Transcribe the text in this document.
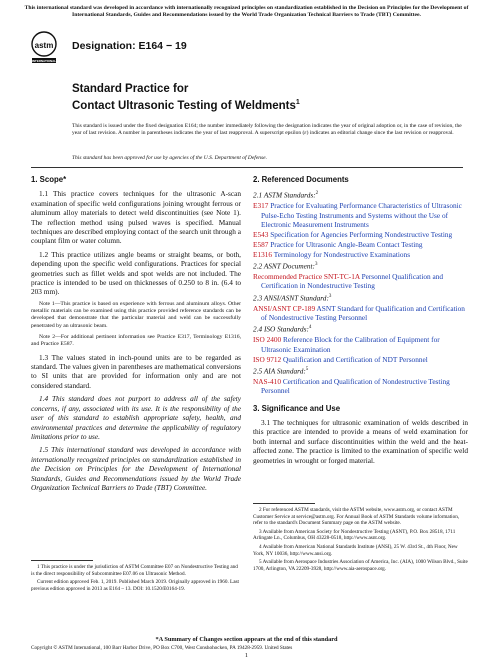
This international standard was developed in accordance with internationally recognized principles on standardization established in the Decision on Principles for the Development of International Standards, Guides and Recommendations issued by the World Trade Organization Technical Barriers to Trade (TBT) Committee.
astm
INTERNATIONAL
Designation: E164 − 19
Standard Practice for
Contact Ultrasonic Testing of Weldments$^1$
This standard is issued under the fixed designation E164; the number immediately following the designation indicates the year of original adoption or, in the case of revision, the year of last revision. A number in parentheses indicates the year of last reapproval. A superscript epsilon (ε) indicates an editorial change since the last revision or reapproval.
This standard has been approved for use by agencies of the U.S. Department of Defense.
1. Scope*
1.1 This practice covers techniques for the ultrasonic A-scan examination of specific weld configurations joining wrought ferrous or aluminum alloy materials to detect weld discontinuities (see Note 1). The reflection method using pulsed waves is specified. Manual techniques are described employing contact of the search unit through a couplant film or water column.
1.2 This practice utilizes angle beams or straight beams, or both, depending upon the specific weld configurations. Practices for special geometries such as fillet welds and spot welds are not included. The practice is intended to be used on thicknesses of 0.250 to 8 in. (6.4 to 203 mm).
Note 1—This practice is based on experience with ferrous and aluminum alloys. Other metallic materials can be examined using this practice provided reference standards can be developed that demonstrate that the particular material and weld can be successfully penetrated by an ultrasonic beam.
Note 2—For additional pertinent information see Practice E317, Terminology E1316, and Practice E587.
1.3 The values stated in inch-pound units are to be regarded as standard. The values given in parentheses are mathematical conversions to SI units that are provided for information only and are not considered standard.
1.4 This standard does not purport to address all of the safety concerns, if any, associated with its use. It is the responsibility of the user of this standard to establish appropriate safety, health, and environmental practices and determine the applicability of regulatory limitations prior to use.
1.5 This international standard was developed in accordance with internationally recognized principles on standardization established in the Decision on Principles for the Development of International Standards, Guides and Recommendations issued by the World Trade Organization Technical Barriers to Trade (TBT) Committee.

1 This practice is under the jurisdiction of ASTM Committee E07 on Nondestructive Testing and is the direct responsibility of Subcommittee E07.06 on Ultrasonic Method.

Current edition approved Feb. 1, 2019. Published March 2019. Originally approved in 1960. Last previous edition approved in 2013 as E164 – 13. DOI: 10.1520/E0164-19.

2. Referenced Documents
2.1 ASTM Standards:$^2$
E317 Practice for Evaluating Performance Characteristics of Ultrasonic Pulse-Echo Testing Instruments and Systems without the Use of Electronic Measurement Instruments
E543 Specification for Agencies Performing Nondestructive Testing
E587 Practice for Ultrasonic Angle-Beam Contact Testing
E1316 Terminology for Nondestructive Examinations
2.2 ASNT Document:$^3$
Recommended Practice SNT-TC-1A Personnel Qualification and Certification in Nondestructive Testing
2.3 ANSI/ASNT Standard:$^3$
ANSI/ASNT CP-189 ASNT Standard for Qualification and Certification of Nondestructive Testing Personnel
2.4 ISO Standards:$^4$
ISO 2400 Reference Block for the Calibration of Equipment for Ultrasonic Examination
ISO 9712 Qualification and Certification of NDT Personnel
2.5 AIA Standard:$^5$
NAS-410 Certification and Qualification of Nondestructive Testing Personnel
3. Significance and Use
3.1 The techniques for ultrasonic examination of welds described in this practice are intended to provide a means of weld examination for both internal and surface discontinuities within the weld and the heat-affected zone. The practice is limited to the examination of specific weld geometries in wrought or forged material.

2 For referenced ASTM standards, visit the ASTM website, www.astm.org, or contact ASTM Customer Service at service@astm.org. For Annual Book of ASTM Standards volume information, refer to the standard's Document Summary page on the ASTM website.

3 Available from American Society for Nondestructive Testing (ASNT), P.O. Box 28518, 1711 Arlingate Ln., Columbus, OH 43228-0518, http://www.asnt.org.

4 Available from American National Standards Institute (ANSI), 25 W. 43rd St., 4th Floor, New York, NY 10036, http://www.ansi.org.

5 Available from Aerospace Industries Association of America, Inc. (AIA), 1000 Wilson Blvd., Suite 1700, Arlington, VA 22209-3928, http://www.aia-aerospace.org.

*A Summary of Changes section appears at the end of this standard
Copyright © ASTM International, 100 Barr Harbor Drive, PO Box C700, West Conshohocken, PA 19428-2959. United States
1
